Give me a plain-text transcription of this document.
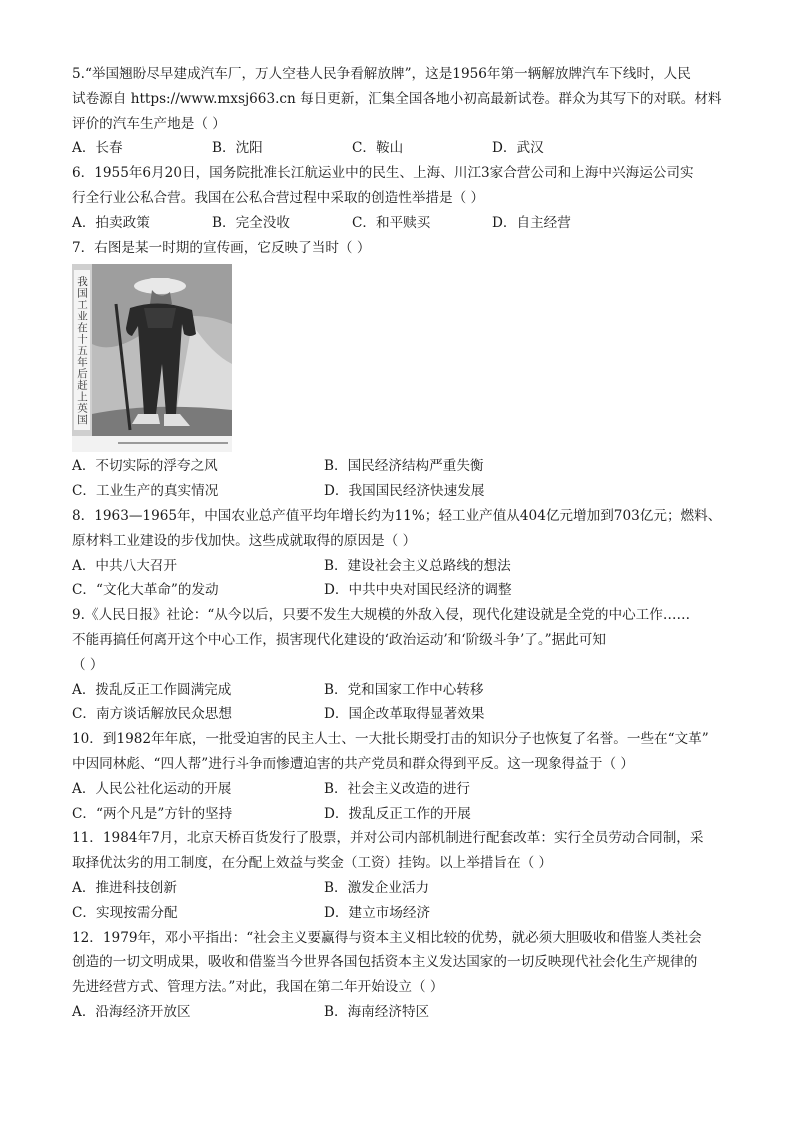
5.“举国翘盼尽早建成汽车厂，万人空巷人民争看解放牌”，这是1956年第一辆解放牌汽车下线时，人民
试卷源自 https://www.mxsj663.cn 每日更新，汇集全国各地小初高最新试卷。群众为其写下的对联。材料
评价的汽车生产地是（ ）
A．长春	B．沈阳	C．鞍山	D．武汉
6．1955年6月20日，国务院批准长江航运业中的民生、上海、川江3家合营公司和上海中兴海运公司实
行全行业公私合营。我国在公私合营过程中采取的创造性举措是（ ）
A．拍卖政策	B．完全没收	C．和平赎买	D．自主经营
7．右图是某一时期的宣传画，它反映了当时（ ）
我国工业在十五年后赶上英国
A．不切实际的浮夸之风	B．国民经济结构严重失衡
C．工业生产的真实情况	D．我国国民经济快速发展
8．1963—1965年，中国农业总产值平均年增长约为11%；轻工业产值从404亿元增加到703亿元；燃料、
原材料工业建设的步伐加快。这些成就取得的原因是（ ）
A．中共八大召开	B．建设社会主义总路线的想法
C．“文化大革命”的发动	D．中共中央对国民经济的调整
9.《人民日报》社论：“从今以后，只要不发生大规模的外敌入侵，现代化建设就是全党的中心工作……
不能再搞任何离开这个中心工作，损害现代化建设的‘政治运动’和‘阶级斗争’了。”据此可知
（ ）
A．拨乱反正工作圆满完成	B．党和国家工作中心转移
C．南方谈话解放民众思想	D．国企改革取得显著效果
10．到1982年年底，一批受迫害的民主人士、一大批长期受打击的知识分子也恢复了名誉。一些在“文革”
中因同林彪、“四人帮”进行斗争而惨遭迫害的共产党员和群众得到平反。这一现象得益于（ ）
A．人民公社化运动的开展	B．社会主义改造的进行
C．“两个凡是”方针的坚持	D．拨乱反正工作的开展
11．1984年7月，北京天桥百货发行了股票，并对公司内部机制进行配套改革：实行全员劳动合同制，采
取择优汰劣的用工制度，在分配上效益与奖金（工资）挂钩。以上举措旨在（ ）
A．推进科技创新	B．激发企业活力
C．实现按需分配	D．建立市场经济
12．1979年，邓小平指出：“社会主义要赢得与资本主义相比较的优势，就必须大胆吸收和借鉴人类社会
创造的一切文明成果，吸收和借鉴当今世界各国包括资本主义发达国家的一切反映现代社会化生产规律的
先进经营方式、管理方法。”对此，我国在第二年开始设立（ ）
A．沿海经济开放区	B．海南经济特区
